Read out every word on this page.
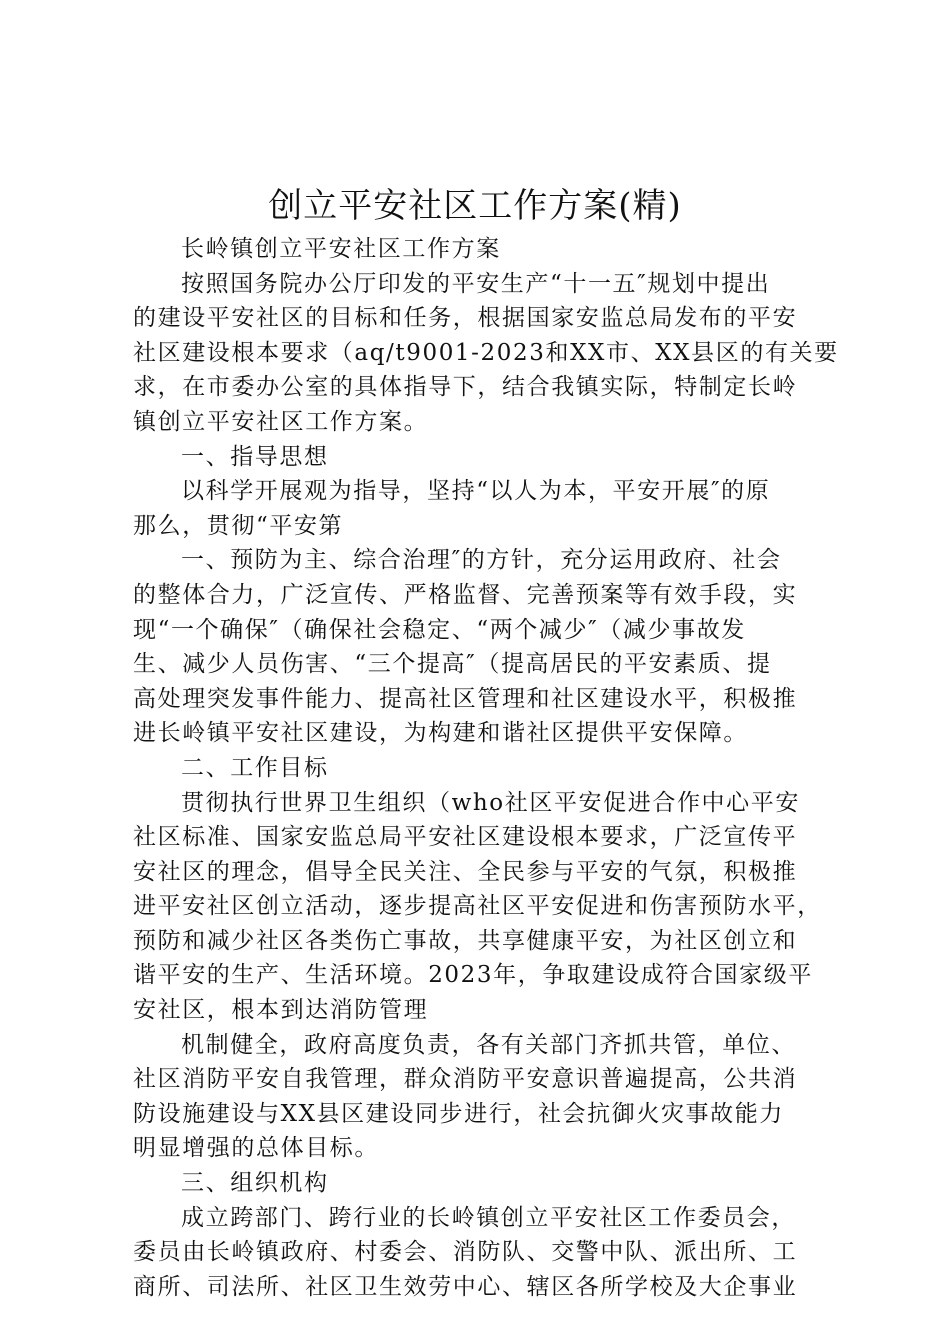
创立平安社区工作方案(精)
长岭镇创立平安社区工作方案
按照国务院办公厅印发的平安生产“十一五″规划中提出
的建设平安社区的目标和任务，根据国家安监总局发布的平安
社区建设根本要求（aq/t9001-2023和XX市、XX县区的有关要
求，在市委办公室的具体指导下，结合我镇实际，特制定长岭
镇创立平安社区工作方案。
一、指导思想
以科学开展观为指导，坚持“以人为本，平安开展″的原
那么，贯彻“平安第
一、预防为主、综合治理″的方针，充分运用政府、社会
的整体合力，广泛宣传、严格监督、完善预案等有效手段，实
现“一个确保″（确保社会稳定、“两个减少″（减少事故发
生、减少人员伤害、“三个提高″（提高居民的平安素质、提
高处理突发事件能力、提高社区管理和社区建设水平，积极推
进长岭镇平安社区建设，为构建和谐社区提供平安保障。
二、工作目标
贯彻执行世界卫生组织（who社区平安促进合作中心平安
社区标准、国家安监总局平安社区建设根本要求，广泛宣传平
安社区的理念，倡导全民关注、全民参与平安的气氛，积极推
进平安社区创立活动，逐步提高社区平安促进和伤害预防水平，
预防和减少社区各类伤亡事故，共享健康平安，为社区创立和
谐平安的生产、生活环境。2023年，争取建设成符合国家级平
安社区，根本到达消防管理
机制健全，政府高度负责，各有关部门齐抓共管，单位、
社区消防平安自我管理，群众消防平安意识普遍提高，公共消
防设施建设与XX县区建设同步进行，社会抗御火灾事故能力
明显增强的总体目标。
三、组织机构
成立跨部门、跨行业的长岭镇创立平安社区工作委员会，
委员由长岭镇政府、村委会、消防队、交警中队、派出所、工
商所、司法所、社区卫生效劳中心、辖区各所学校及大企事业
